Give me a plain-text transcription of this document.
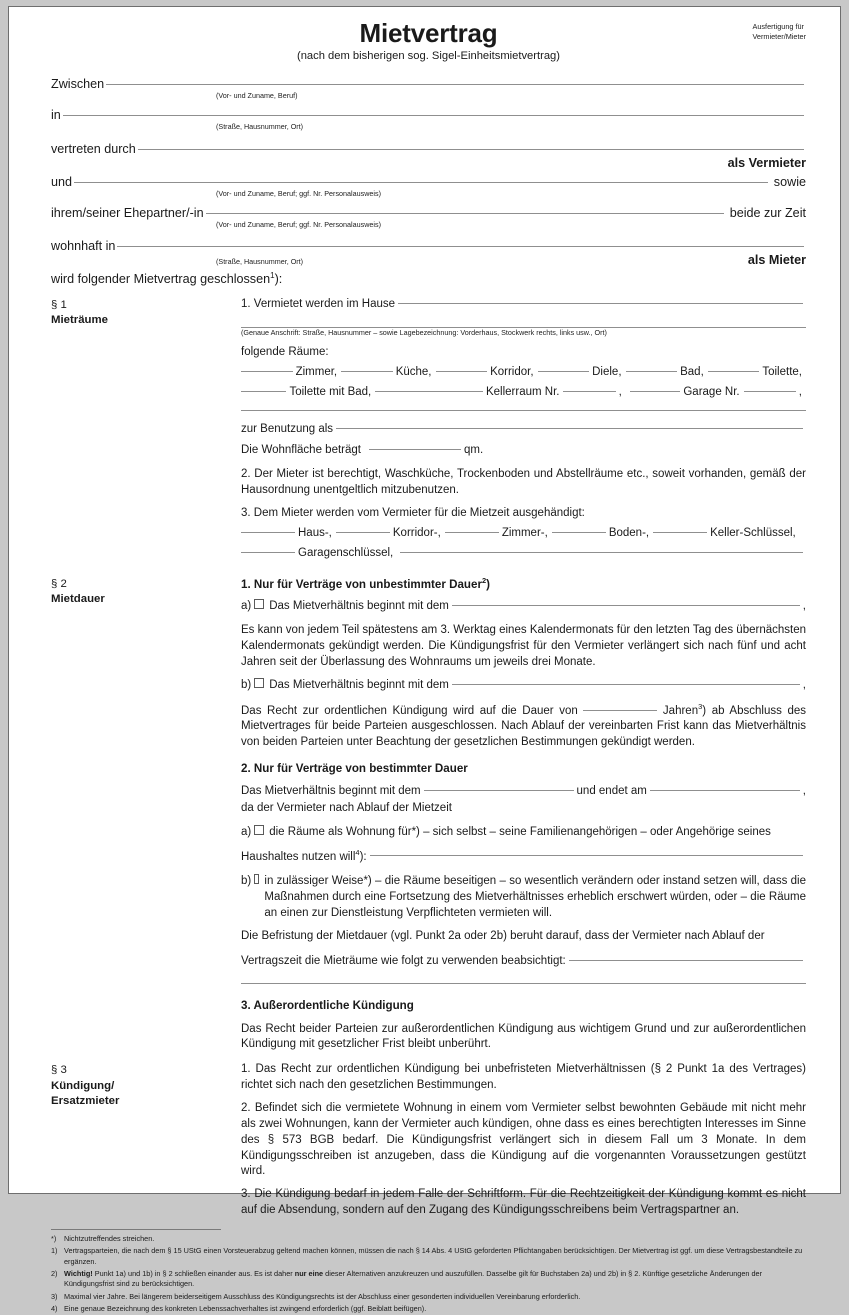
Ausfertigung für
Vermieter/Mieter
Mietvertrag
(nach dem bisherigen sog. Sigel-Einheitsmietvertrag)
Zwischen
(Vor- und Zuname, Beruf)
in
(Straße, Hausnummer, Ort)
vertreten durch
als Vermieter
und	sowie
(Vor- und Zuname, Beruf; ggf. Nr. Personalausweis)
ihrem/seiner Ehepartner/-in	beide zur Zeit
(Vor- und Zuname, Beruf; ggf. Nr. Personalausweis)
wohnhaft in
(Straße, Hausnummer, Ort)	als Mieter
wird folgender Mietvertrag geschlossen$^1$):
§ 1
Mieträume
1. Vermietet werden im Hause
(Genaue Anschrift: Straße, Hausnummer – sowie Lagebezeichnung: Vorderhaus, Stockwerk rechts, links usw., Ort)

folgende Räume:

Zimmer,	Küche,	Korridor,	Diele,	Bad,	Toilette,
Toilette mit Bad,	Kellerraum Nr.	,	Garage Nr.	,
zur Benutzung als
Die Wohnfläche beträgt	qm.

2. Der Mieter ist berechtigt, Waschküche, Trockenboden und Abstellräume etc., soweit vorhanden, gemäß der Hausordnung unentgeltlich mitzubenutzen.

3. Dem Mieter werden vom Vermieter für die Mietzeit ausgehändigt:

Haus-,	Korridor-,	Zimmer-,	Boden-,	Keller-Schlüssel,
Garagenschlüssel,
§ 2
Mietdauer
1. Nur für Verträge von unbestimmter Dauer$^2$)
a) Das Mietverhältnis beginnt mit dem	,

Es kann von jedem Teil spätestens am 3. Werktag eines Kalendermonats für den letzten Tag des übernächsten Kalendermonats gekündigt werden. Die Kündigungsfrist für den Vermieter verlängert sich nach fünf und acht Jahren seit der Überlassung des Wohnraums um jeweils drei Monate.

b) Das Mietverhältnis beginnt mit dem	,

Das Recht zur ordentlichen Kündigung wird auf die Dauer von	Jahren$^3$) ab Abschluss des Mietvertrages für beide Parteien ausgeschlossen. Nach Ablauf der vereinbarten Frist kann das Mietverhältnis von beiden Parteien unter Beachtung der gesetzlichen Bestimmungen gekündigt werden.

2. Nur für Verträge von bestimmter Dauer
Das Mietverhältnis beginnt mit dem	und endet am	,

da der Vermieter nach Ablauf der Mietzeit

a) die Räume als Wohnung für*) – sich selbst – seine Familienangehörigen – oder Angehörige seines
Haushaltes nutzen will$^4$):
b) in zulässiger Weise*) – die Räume beseitigen – so wesentlich verändern oder instand setzen will, dass die Maßnahmen durch eine Fortsetzung des Mietverhältnisses erheblich erschwert würden, oder – die Räume an einen zur Dienstleistung Verpflichteten vermieten will.

Die Befristung der Mietdauer (vgl. Punkt 2a oder 2b) beruht darauf, dass der Vermieter nach Ablauf der

Vertragszeit die Mieträume wie folgt zu verwenden beabsichtigt:
3. Außerordentliche Kündigung

Das Recht beider Parteien zur außerordentlichen Kündigung aus wichtigem Grund und zur außerordentlichen Kündigung mit gesetzlicher Frist bleibt unberührt.

§ 3
Kündigung/
Ersatzmieter

1. Das Recht zur ordentlichen Kündigung bei unbefristeten Mietverhältnissen (§ 2 Punkt 1a des Vertrages) richtet sich nach den gesetzlichen Bestimmungen.

2. Befindet sich die vermietete Wohnung in einem vom Vermieter selbst bewohnten Gebäude mit nicht mehr als zwei Wohnungen, kann der Vermieter auch kündigen, ohne dass es eines berechtigten Interesses im Sinne des § 573 BGB bedarf. Die Kündigungsfrist verlängert sich in diesem Fall um 3 Monate. In dem Kündigungsschreiben ist anzugeben, dass die Kündigung auf die vorgenannten Voraussetzungen gestützt wird.

3. Die Kündigung bedarf in jedem Falle der Schriftform. Für die Rechtzeitigkeit der Kündigung kommt es nicht auf die Absendung, sondern auf den Zugang des Kündigungsschreibens beim Vertragspartner an.

*)	Nichtzutreffendes streichen.
1) Vertragsparteien, die nach dem § 15 UStG einen Vorsteuerabzug geltend machen können, müssen die nach § 14 Abs. 4 UStG geforderten Pflichtangaben berücksichtigen. Der Mietvertrag ist ggf. um diese Vertragsbestandteile zu ergänzen.
2) Wichtig! Punkt 1a) und 1b) in § 2 schließen einander aus. Es ist daher nur eine dieser Alternativen anzukreuzen und auszufüllen. Dasselbe gilt für Buchstaben 2a) und 2b) in § 2. Künftige gesetzliche Änderungen der Kündigungsfrist sind zu berücksichtigen.
3) Maximal vier Jahre. Bei längerem beiderseitigem Ausschluss des Kündigungsrechts ist der Abschluss einer gesonderten individuellen Vereinbarung erforderlich.
4) Eine genaue Bezeichnung des konkreten Lebenssachverhaltes ist zwingend erforderlich (ggf. Beiblatt beifügen).
